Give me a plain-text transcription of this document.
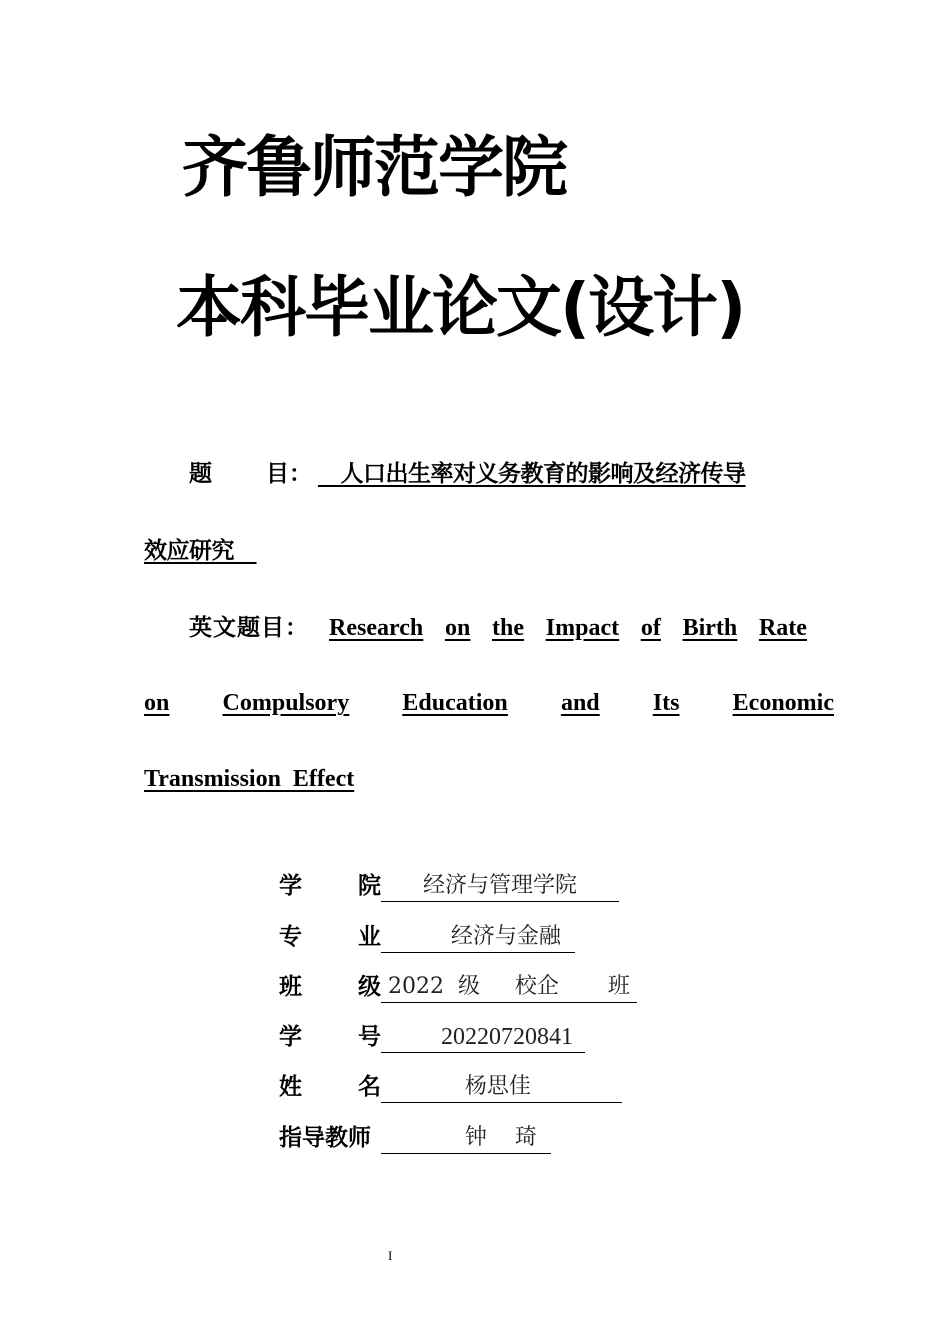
齐鲁师范学院
本科毕业论文(设计)
题 目： 人口出生率对义务教育的影响及经济传导
效应研究
英文题目： Research on the Impact of Birth Rate
on Compulsory Education and Its Economic
Transmission  Effect
学 院 经济与管理学院
专 业 经济与金融
班 级 2022  级     校企       班
学 号 20220720841
姓 名 杨思佳
指导教师 钟    琦
I
